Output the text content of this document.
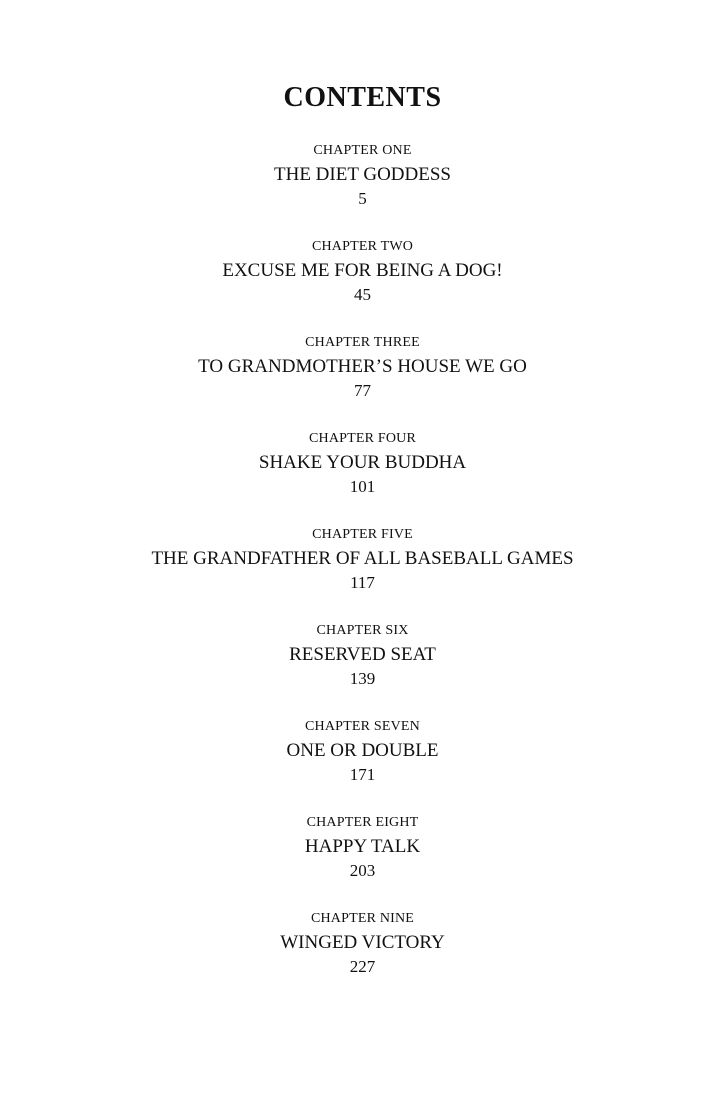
CONTENTS
CHAPTER ONE
THE DIET GODDESS
5
CHAPTER TWO
EXCUSE ME FOR BEING A DOG!
45
CHAPTER THREE
TO GRANDMOTHER’S HOUSE WE GO
77
CHAPTER FOUR
SHAKE YOUR BUDDHA
101
CHAPTER FIVE
THE GRANDFATHER OF ALL BASEBALL GAMES
117
CHAPTER SIX
RESERVED SEAT
139
CHAPTER SEVEN
ONE OR DOUBLE
171
CHAPTER EIGHT
HAPPY TALK
203
CHAPTER NINE
WINGED VICTORY
227
